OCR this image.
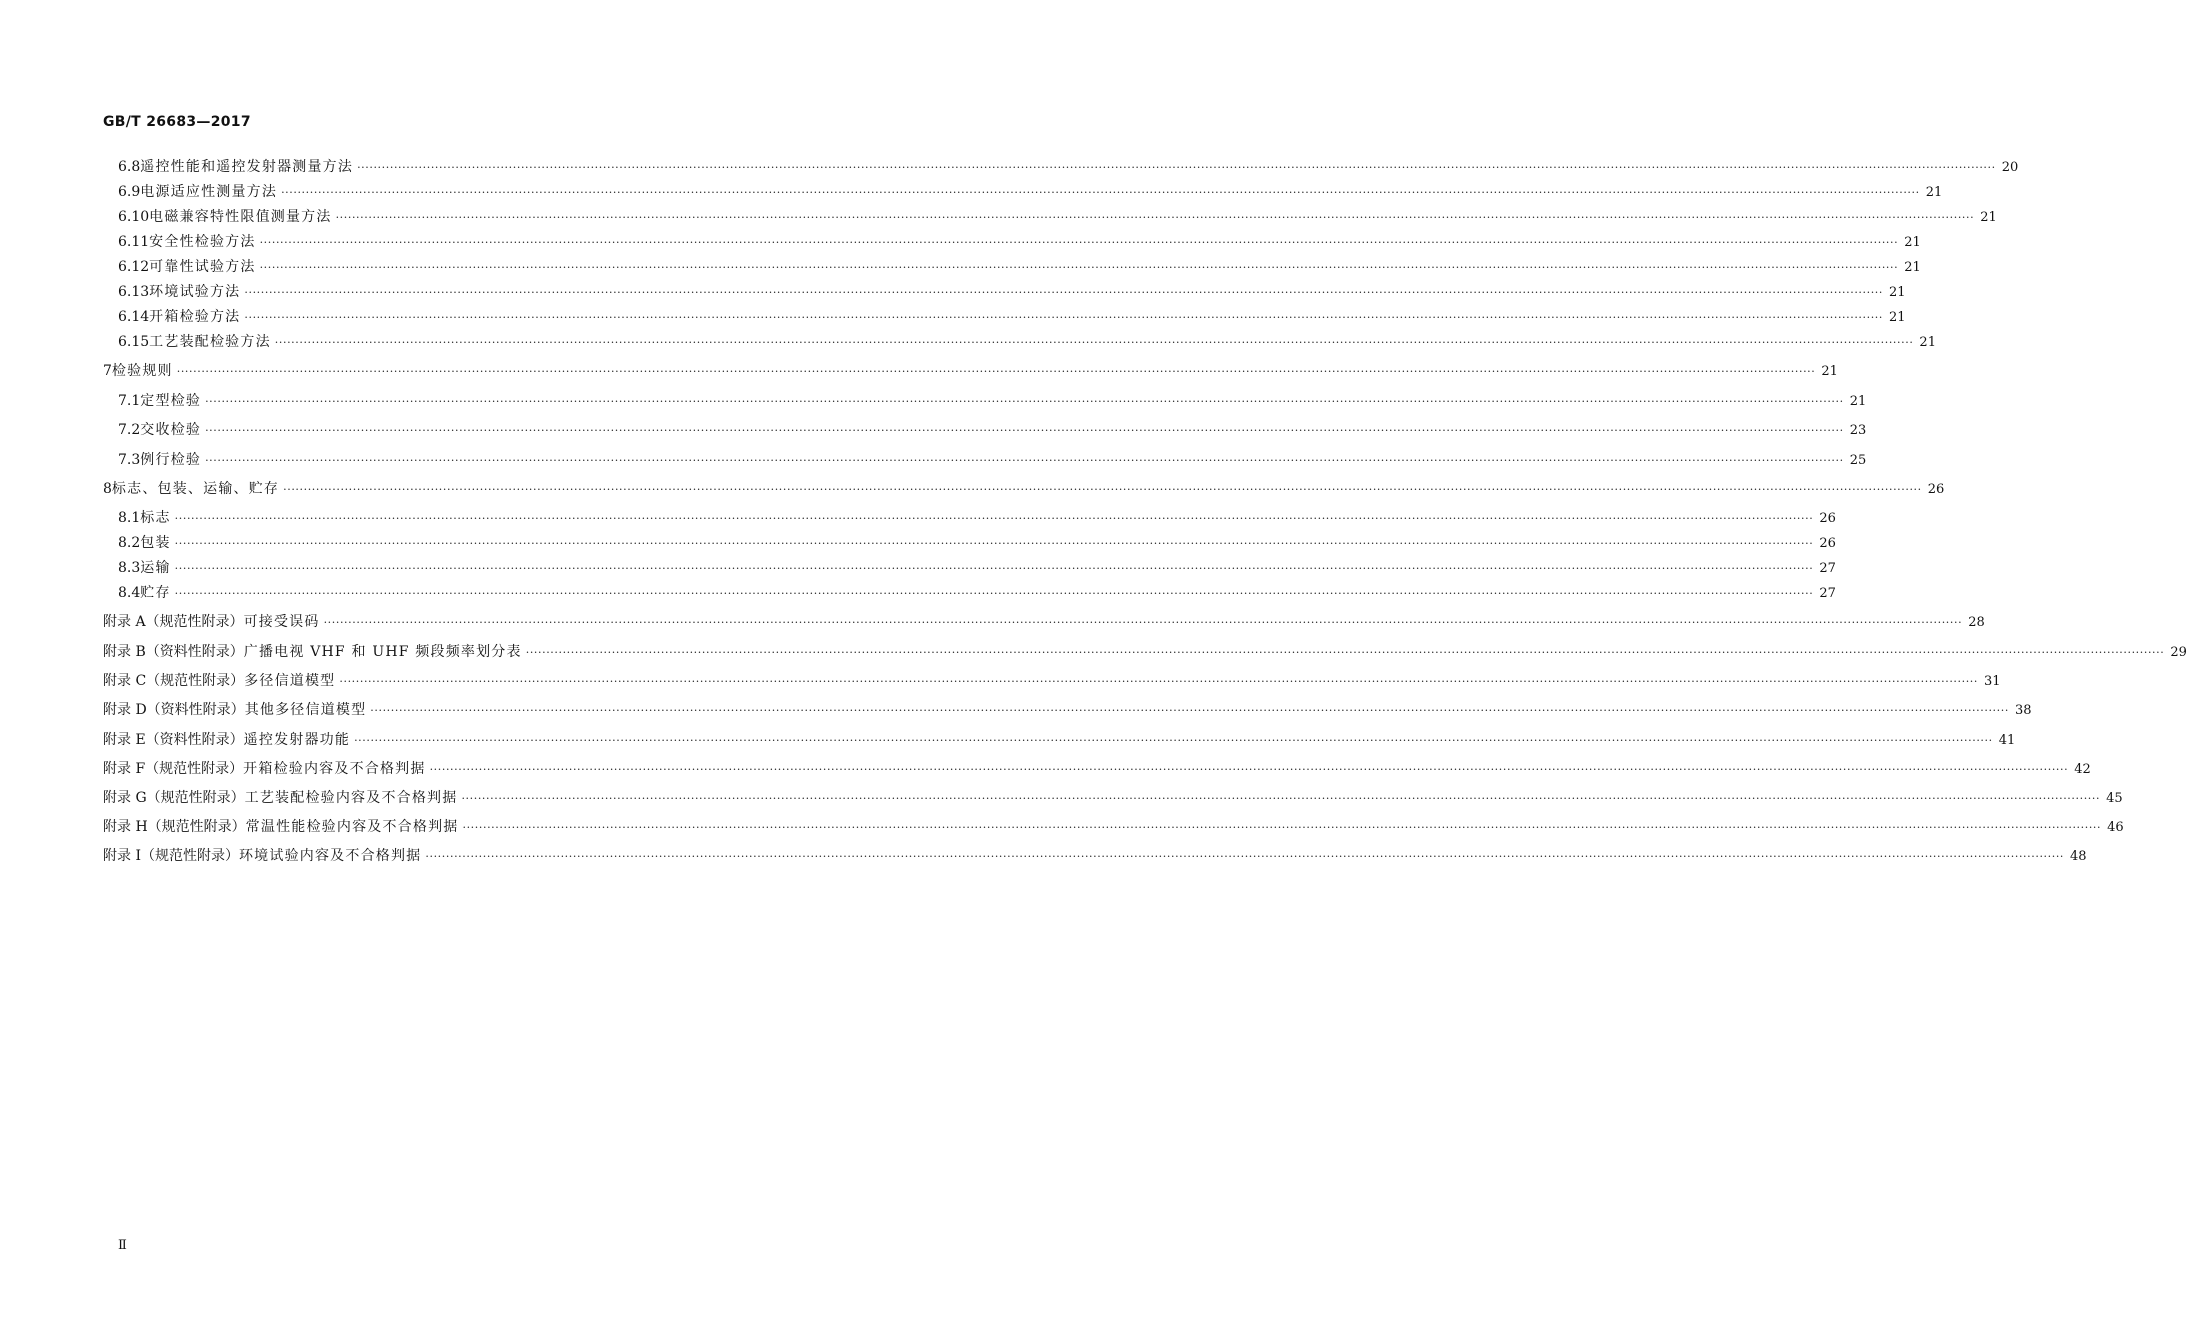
GB/T 26683—2017
6.8 遥控性能和遥控发射器测量方法 ················································································································································································································································································································································································································ 20
6.9 电源适应性测量方法 ················································································································································································································································································································································································································ 21
6.10 电磁兼容特性限值测量方法 ················································································································································································································································································································································································································ 21
6.11 安全性检验方法 ················································································································································································································································································································································································································ 21
6.12 可靠性试验方法 ················································································································································································································································································································································································································ 21
6.13 环境试验方法 ················································································································································································································································································································································································································ 21
6.14 开箱检验方法 ················································································································································································································································································································································································································ 21
6.15 工艺装配检验方法 ················································································································································································································································································································································································································ 21
7 检验规则 ················································································································································································································································································································································································································ 21
7.1 定型检验 ················································································································································································································································································································································································································ 21
7.2 交收检验 ················································································································································································································································································································································································································ 23
7.3 例行检验 ················································································································································································································································································································································································································ 25
8 标志、包装、运输、贮存 ················································································································································································································································································································································································································ 26
8.1 标志 ················································································································································································································································································································································································································ 26
8.2 包装 ················································································································································································································································································································································································································ 26
8.3 运输 ················································································································································································································································································································································································································ 27
8.4 贮存 ················································································································································································································································································································································································································ 27
附录 A（规范性附录） 可接受误码 ················································································································································································································································································································································································································ 28
附录 B（资料性附录） 广播电视 VHF 和 UHF 频段频率划分表 ················································································································································································································································································································································································································ 29
附录 C（规范性附录） 多径信道模型 ················································································································································································································································································································································································································ 31
附录 D（资料性附录） 其他多径信道模型 ················································································································································································································································································································································································································ 38
附录 E（资料性附录） 遥控发射器功能 ················································································································································································································································································································································································································ 41
附录 F（规范性附录） 开箱检验内容及不合格判据 ················································································································································································································································································································································································································ 42
附录 G（规范性附录） 工艺装配检验内容及不合格判据 ················································································································································································································································································································································································································ 45
附录 H（规范性附录） 常温性能检验内容及不合格判据 ················································································································································································································································································································································································································ 46
附录 I（规范性附录） 环境试验内容及不合格判据 ················································································································································································································································································································································································································ 48
Ⅱ
